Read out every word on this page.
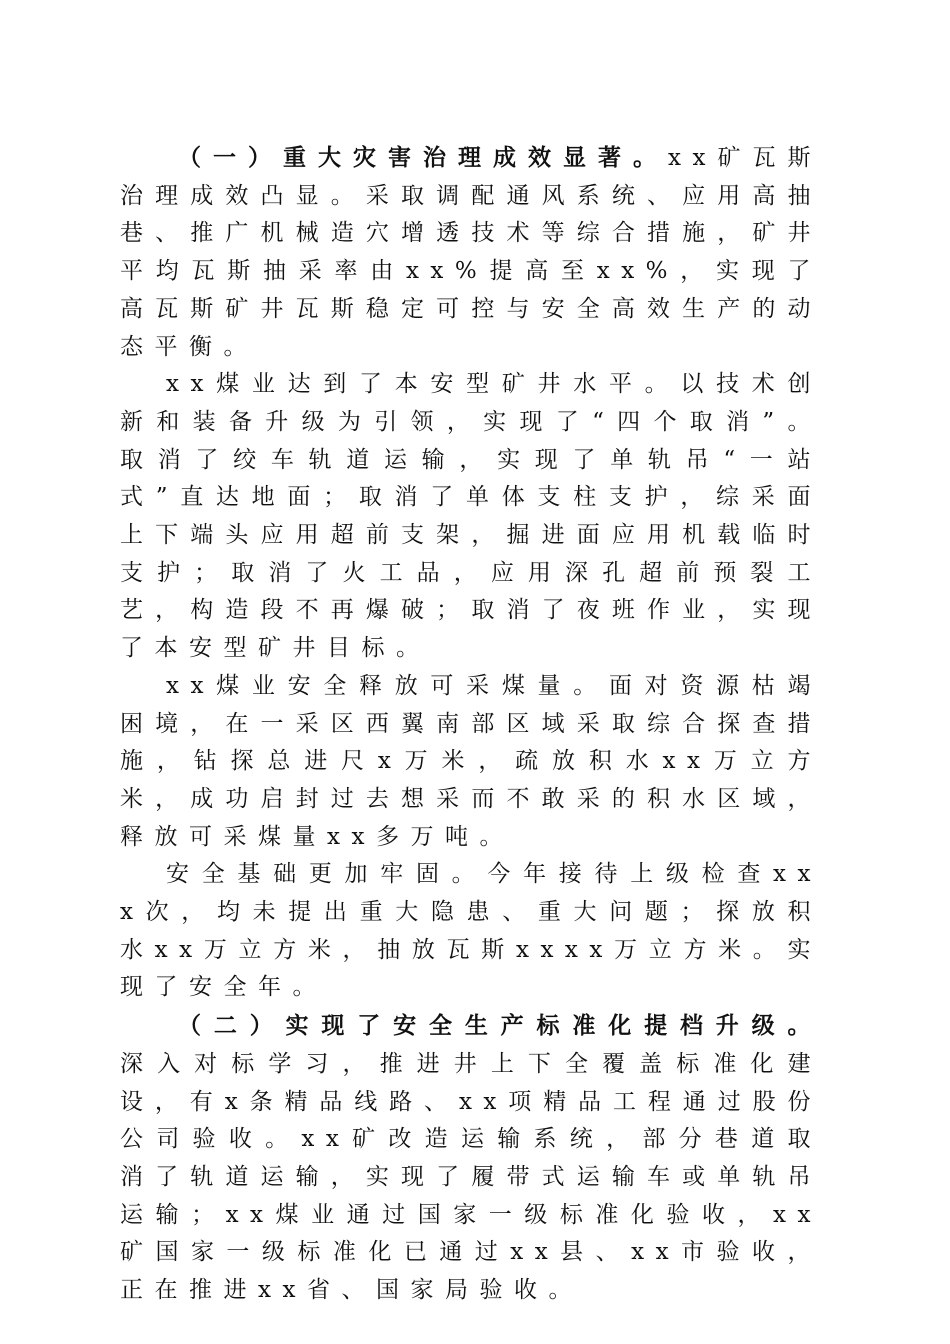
（一）重大灾害治理成效显著。xx矿瓦斯治理成效凸显。采取调配通风系统、应用高抽巷、推广机械造穴增透技术等综合措施，矿井平均瓦斯抽采率由xx%提高至xx%，实现了高瓦斯矿井瓦斯稳定可控与安全高效生产的动态平衡。

xx煤业达到了本安型矿井水平。以技术创新和装备升级为引领，实现了“四个取消”。取消了绞车轨道运输，实现了单轨吊“一站式”直达地面；取消了单体支柱支护，综采面上下端头应用超前支架，掘进面应用机载临时支护；取消了火工品，应用深孔超前预裂工艺，构造段不再爆破；取消了夜班作业，实现了本安型矿井目标。

xx煤业安全释放可采煤量。面对资源枯竭困境，在一采区西翼南部区域采取综合探查措施，钻探总进尺x万米，疏放积水xx万立方米，成功启封过去想采而不敢采的积水区域，释放可采煤量xx多万吨。

安全基础更加牢固。今年接待上级检查xxx次，均未提出重大隐患、重大问题；探放积水xx万立方米，抽放瓦斯xxxx万立方米。实现了安全年。

（二）实现了安全生产标准化提档升级。深入对标学习，推进井上下全覆盖标准化建设，有x条精品线路、xx项精品工程通过股份公司验收。xx矿改造运输系统，部分巷道取消了轨道运输，实现了履带式运输车或单轨吊运输；xx煤业通过国家一级标准化验收，xx矿国家一级标准化已通过xx县、xx市验收，正在推进xx省、国家局验收。
